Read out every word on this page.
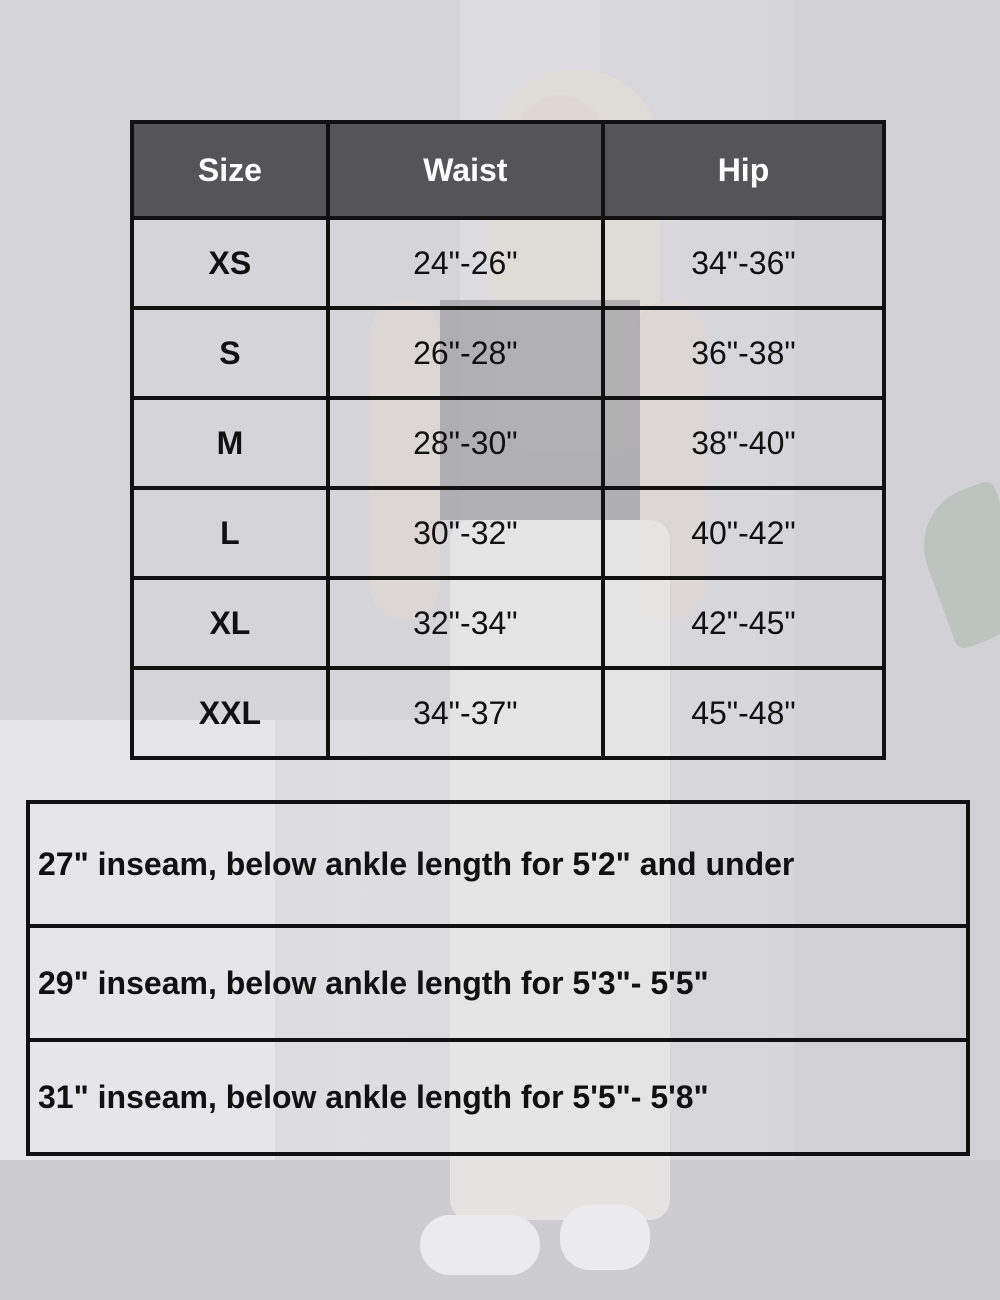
Size	Waist	Hip
XS	24"-26"	34"-36"
S	26"-28"	36"-38"
M	28"-30"	38"-40"
L	30"-32"	40"-42"
XL	32"-34"	42"-45"
XXL	34"-37"	45"-48"
27" inseam, below ankle length for 5'2" and under
29" inseam, below ankle length for 5'3"- 5'5"
31" inseam, below ankle length for 5'5"- 5'8"
